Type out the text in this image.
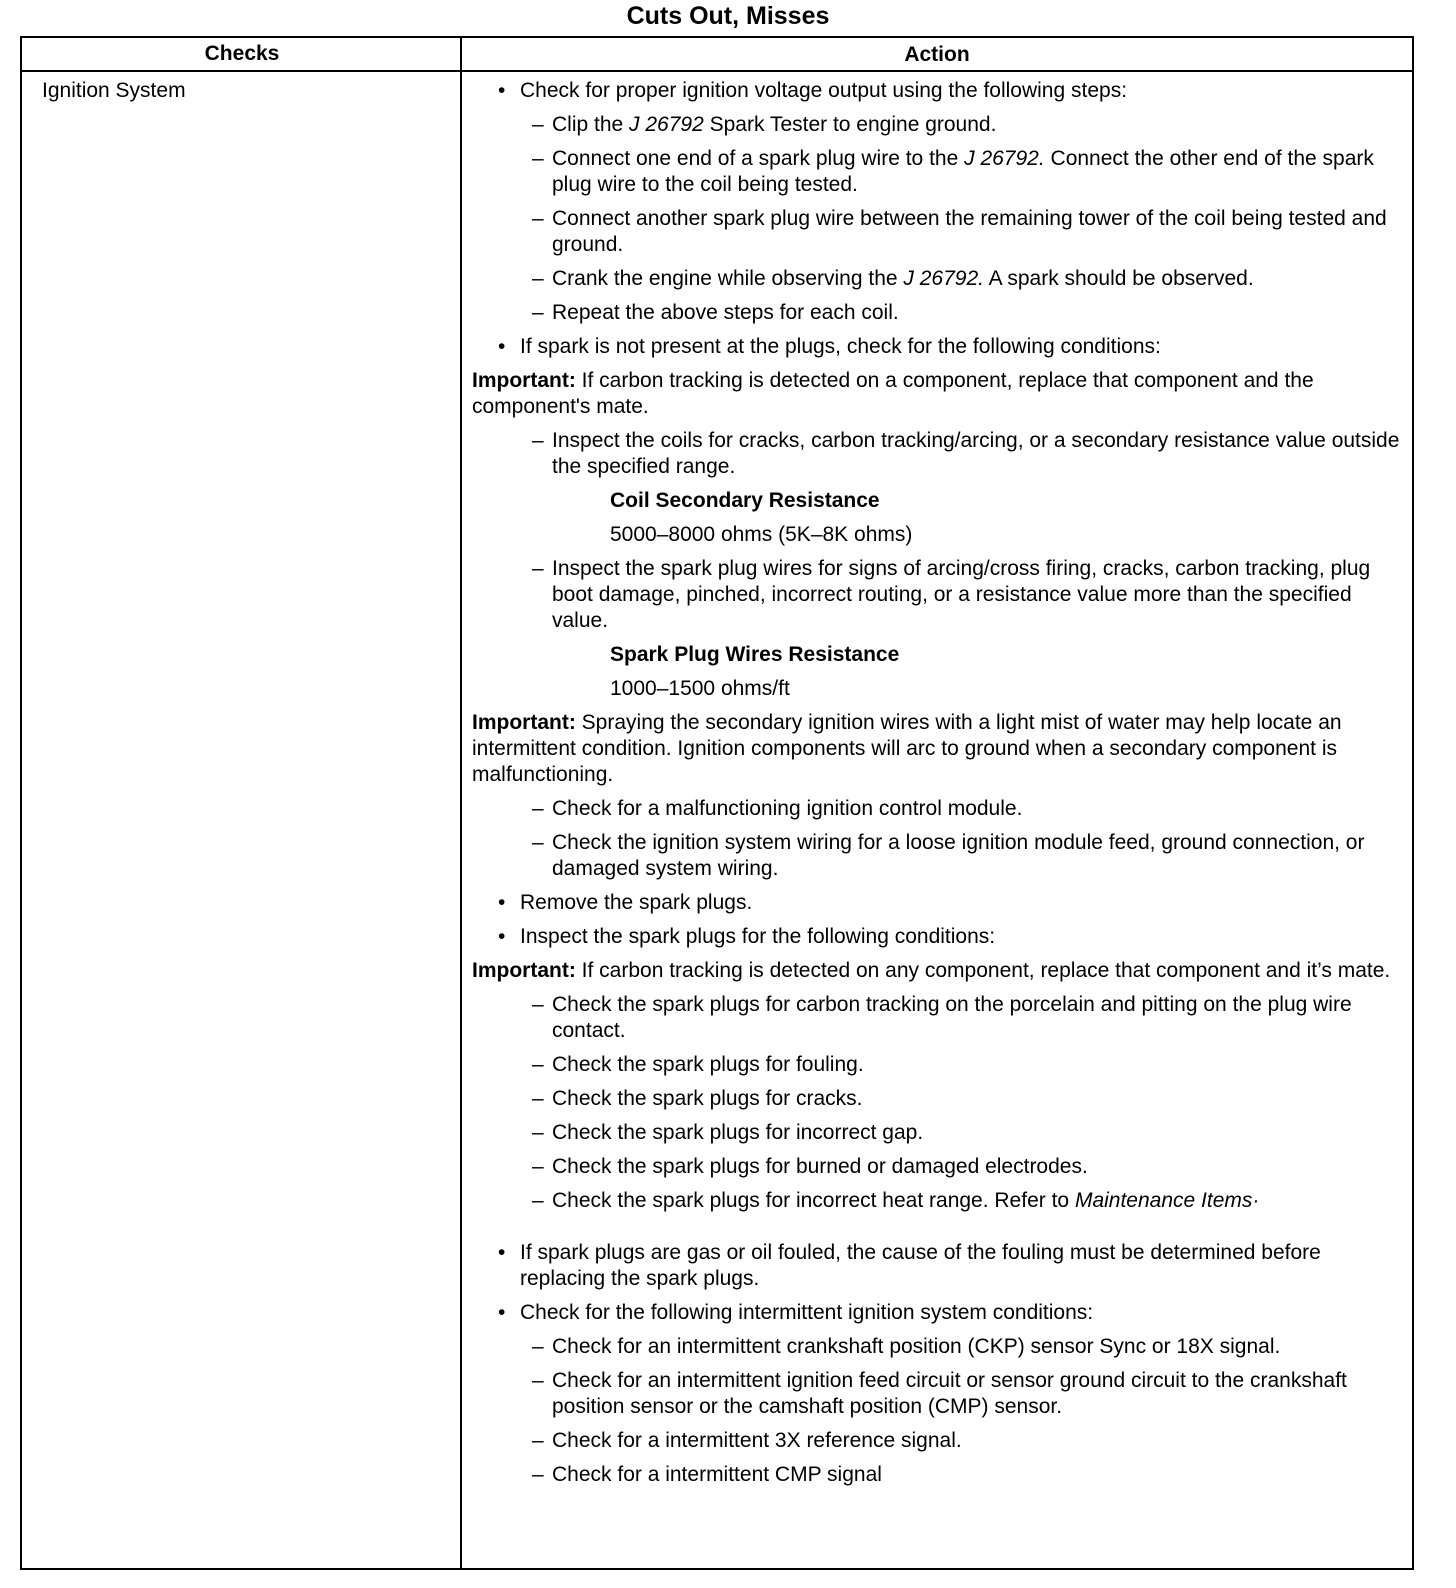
Cuts Out, Misses
Checks	Action
Ignition System	• Check for proper ignition voltage output using the following steps:
– Clip the J 26792 Spark Tester to engine ground.
– Connect one end of a spark plug wire to the J 26792. Connect the other end of the spark plug wire to the coil being tested.
– Connect another spark plug wire between the remaining tower of the coil being tested and ground.
– Crank the engine while observing the J 26792. A spark should be observed.
– Repeat the above steps for each coil.
• If spark is not present at the plugs, check for the following conditions:
Important: If carbon tracking is detected on a component, replace that component and the component's mate.
– Inspect the coils for cracks, carbon tracking/arcing, or a secondary resistance value outside the specified range.
Coil Secondary Resistance
5000–8000 ohms (5K–8K ohms)
– Inspect the spark plug wires for signs of arcing/cross firing, cracks, carbon tracking, plug boot damage, pinched, incorrect routing, or a resistance value more than the specified value.
Spark Plug Wires Resistance
1000–1500 ohms/ft
Important: Spraying the secondary ignition wires with a light mist of water may help locate an intermittent condition. Ignition components will arc to ground when a secondary component is malfunctioning.
– Check for a malfunctioning ignition control module.
– Check the ignition system wiring for a loose ignition module feed, ground connection, or damaged system wiring.
• Remove the spark plugs.
• Inspect the spark plugs for the following conditions:
Important: If carbon tracking is detected on any component, replace that component and it’s mate.
– Check the spark plugs for carbon tracking on the porcelain and pitting on the plug wire contact.
– Check the spark plugs for fouling.
– Check the spark plugs for cracks.
– Check the spark plugs for incorrect gap.
– Check the spark plugs for burned or damaged electrodes.
– Check the spark plugs for incorrect heat range. Refer to Maintenance Items·
• If spark plugs are gas or oil fouled, the cause of the fouling must be determined before replacing the spark plugs.
• Check for the following intermittent ignition system conditions:
– Check for an intermittent crankshaft position (CKP) sensor Sync or 18X signal.
– Check for an intermittent ignition feed circuit or sensor ground circuit to the crankshaft position sensor or the camshaft position (CMP) sensor.
– Check for a intermittent 3X reference signal.
– Check for a intermittent CMP signal
